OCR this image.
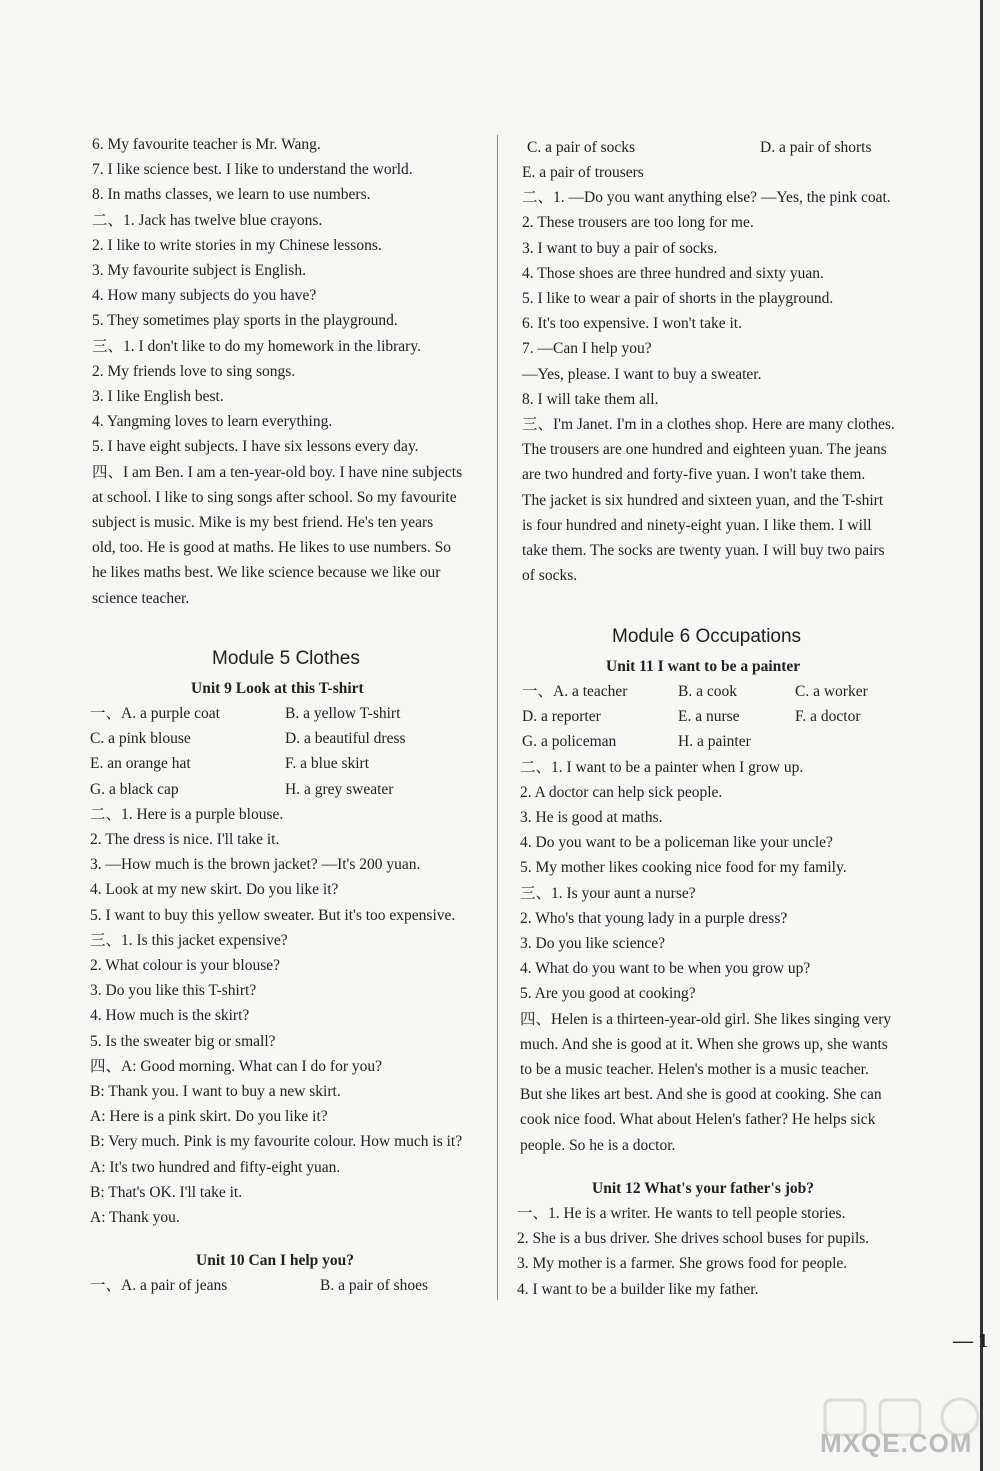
6. My favourite teacher is Mr. Wang.
7. I like science best. I like to understand the world.
8. In maths classes, we learn to use numbers.
二、1. Jack has twelve blue crayons.
2. I like to write stories in my Chinese lessons.
3. My favourite subject is English.
4. How many subjects do you have?
5. They sometimes play sports in the playground.
三、1. I don't like to do my homework in the library.
2. My friends love to sing songs.
3. I like English best.
4. Yangming loves to learn everything.
5. I have eight subjects. I have six lessons every day.
四、I am Ben. I am a ten-year-old boy. I have nine subjects
at school. I like to sing songs after school. So my favourite
subject is music. Mike is my best friend. He's ten years
old, too. He is good at maths. He likes to use numbers. So
he likes maths best. We like science because we like our
science teacher.
Module 5 Clothes
Unit 9 Look at this T-shirt
一、A. a purple coat	B. a yellow T-shirt
C. a pink blouse	D. a beautiful dress
E. an orange hat	F. a blue skirt
G. a black cap	H. a grey sweater
二、1. Here is a purple blouse.
2. The dress is nice. I'll take it.
3. —How much is the brown jacket? —It's 200 yuan.
4. Look at my new skirt. Do you like it?
5. I want to buy this yellow sweater. But it's too expensive.
三、1. Is this jacket expensive?
2. What colour is your blouse?
3. Do you like this T-shirt?
4. How much is the skirt?
5. Is the sweater big or small?
四、A: Good morning. What can I do for you?
B: Thank you. I want to buy a new skirt.
A: Here is a pink skirt. Do you like it?
B: Very much. Pink is my favourite colour. How much is it?
A: It's two hundred and fifty-eight yuan.
B: That's OK. I'll take it.
A: Thank you.
Unit 10 Can I help you?
一、A. a pair of jeans	B. a pair of shoes
C. a pair of socks	D. a pair of shorts
E. a pair of trousers
二、1. —Do you want anything else? —Yes, the pink coat.
2. These trousers are too long for me.
3. I want to buy a pair of socks.
4. Those shoes are three hundred and sixty yuan.
5. I like to wear a pair of shorts in the playground.
6. It's too expensive. I won't take it.
7. —Can I help you?
—Yes, please. I want to buy a sweater.
8. I will take them all.
三、I'm Janet. I'm in a clothes shop. Here are many clothes.
The trousers are one hundred and eighteen yuan. The jeans
are two hundred and forty-five yuan. I won't take them.
The jacket is six hundred and sixteen yuan, and the T-shirt
is four hundred and ninety-eight yuan. I like them. I will
take them. The socks are twenty yuan. I will buy two pairs
of socks.
Module 6 Occupations
Unit 11 I want to be a painter
一、A. a teacher	B. a cook	C. a worker
D. a reporter	E. a nurse	F. a doctor
G. a policeman	H. a painter
二、1. I want to be a painter when I grow up.
2. A doctor can help sick people.
3. He is good at maths.
4. Do you want to be a policeman like your uncle?
5. My mother likes cooking nice food for my family.
三、1. Is your aunt a nurse?
2. Who's that young lady in a purple dress?
3. Do you like science?
4. What do you want to be when you grow up?
5. Are you good at cooking?
四、Helen is a thirteen-year-old girl. She likes singing very
much. And she is good at it. When she grows up, she wants
to be a music teacher. Helen's mother is a music teacher.
But she likes art best. And she is good at cooking. She can
cook nice food. What about Helen's father? He helps sick
people. So he is a doctor.
Unit 12 What's your father's job?
一、1. He is a writer. He wants to tell people stories.
2. She is a bus driver. She drives school buses for pupils.
3. My mother is a farmer. She grows food for people.
4. I want to be a builder like my father.
— 1
MXQE.COM
